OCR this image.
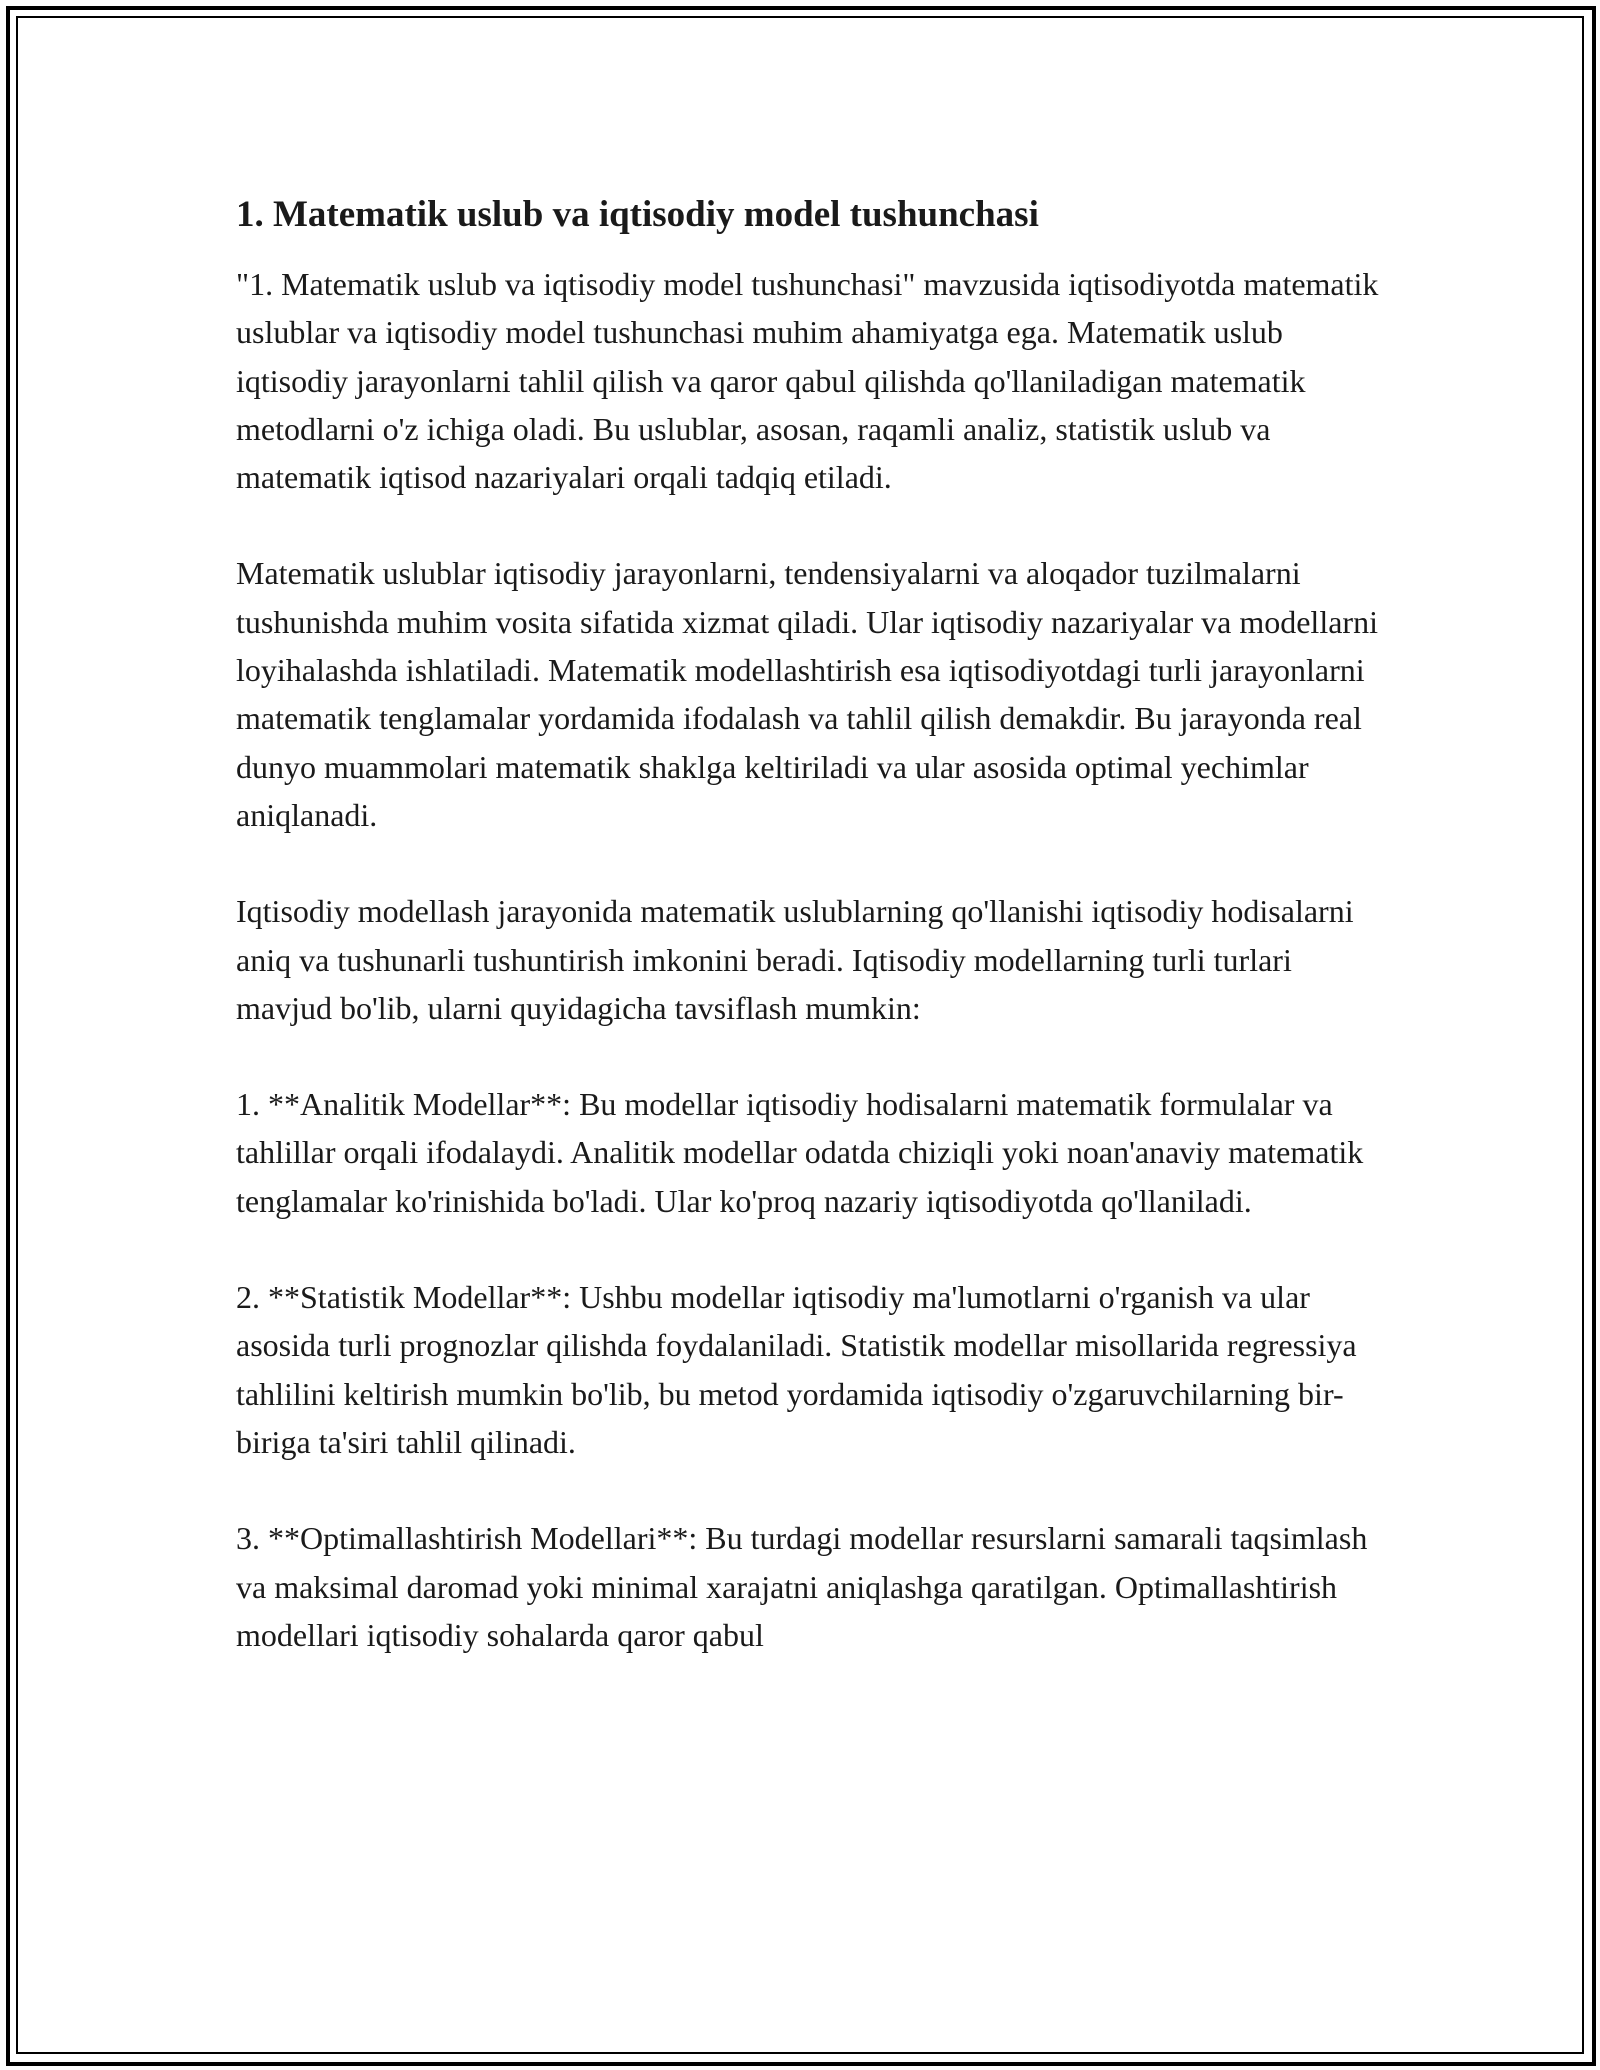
1. Matematik uslub va iqtisodiy model tushunchasi

"1. Matematik uslub va iqtisodiy model tushunchasi" mavzusida iqtisodiyotda matematik uslublar va iqtisodiy model tushunchasi muhim ahamiyatga ega. Matematik uslub iqtisodiy jarayonlarni tahlil qilish va qaror qabul qilishda qo'llaniladigan matematik metodlarni o'z ichiga oladi. Bu uslublar, asosan, raqamli analiz, statistik uslub va matematik iqtisod nazariyalari orqali tadqiq etiladi.

Matematik uslublar iqtisodiy jarayonlarni, tendensiyalarni va aloqador tuzilmalarni tushunishda muhim vosita sifatida xizmat qiladi. Ular iqtisodiy nazariyalar va modellarni loyihalashda ishlatiladi. Matematik modellashtirish esa iqtisodiyotdagi turli jarayonlarni matematik tenglamalar yordamida ifodalash va tahlil qilish demakdir. Bu jarayonda real dunyo muammolari matematik shaklga keltiriladi va ular asosida optimal yechimlar aniqlanadi.

Iqtisodiy modellash jarayonida matematik uslublarning qo'llanishi iqtisodiy hodisalarni aniq va tushunarli tushuntirish imkonini beradi. Iqtisodiy modellarning turli turlari mavjud bo'lib, ularni quyidagicha tavsiflash mumkin:

1. **Analitik Modellar**: Bu modellar iqtisodiy hodisalarni matematik formulalar va tahlillar orqali ifodalaydi. Analitik modellar odatda chiziqli yoki noan'anaviy matematik tenglamalar ko'rinishida bo'ladi. Ular ko'proq nazariy iqtisodiyotda qo'llaniladi.

2. **Statistik Modellar**: Ushbu modellar iqtisodiy ma'lumotlarni o'rganish va ular asosida turli prognozlar qilishda foydalaniladi. Statistik modellar misollarida regressiya tahlilini keltirish mumkin bo'lib, bu metod yordamida iqtisodiy o'zgaruvchilarning bir-biriga ta'siri tahlil qilinadi.

3. **Optimallashtirish Modellari**: Bu turdagi modellar resurslarni samarali taqsimlash va maksimal daromad yoki minimal xarajatni aniqlashga qaratilgan. Optimallashtirish modellari iqtisodiy sohalarda qaror qabul
